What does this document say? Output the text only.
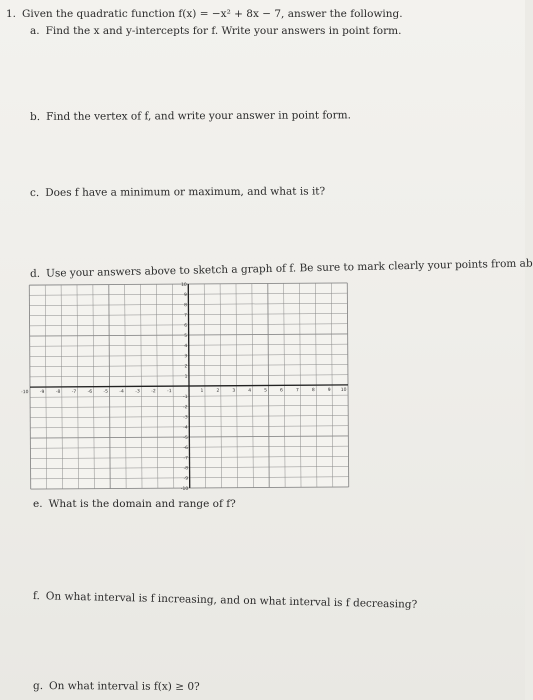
1. Given the quadratic function f(x) = −x² + 8x − 7, answer the following.
a. Find the x and y-intercepts for f. Write your answers in point form.
b. Find the vertex of f, and write your answer in point form.
c. Does f have a minimum or maximum, and what is it?
d. Use your answers above to sketch a graph of f. Be sure to mark clearly your points from ab
-10	-9	-8	-7	-6	-5	-4	-3	-2	-1	1	2	3	4	5	6	7	8	9 10
10
9
8
7
6
5
4
3
2
1
-1
-2
-3
-4
-5
-6
-7
-8
-9
-10
e. What is the domain and range of f?
f. On what interval is f increasing, and on what interval is f decreasing?
g. On what interval is f(x) ≥ 0?
